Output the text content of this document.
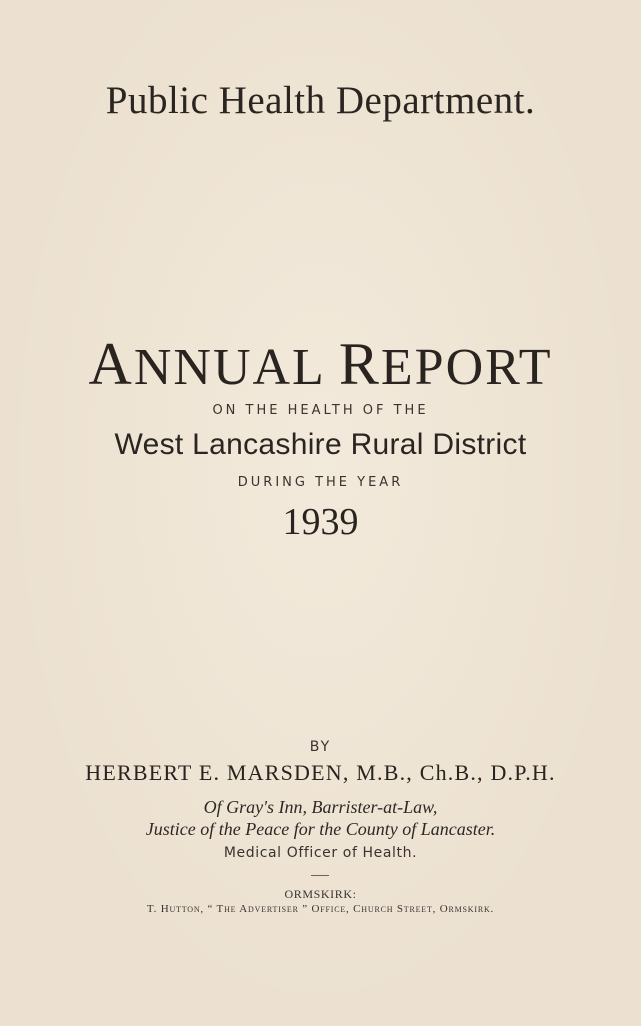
Public Health Department.
ANNUAL REPORT
ON THE HEALTH OF THE
West Lancashire Rural District
DURING THE YEAR
1939
BY
HERBERT E. MARSDEN, M.B., Ch.B., D.P.H.
Of Gray's Inn, Barrister-at-Law,
Justice of the Peace for the County of Lancaster.
Medical Officer of Health.
ORMSKIRK:
T. Hutton, “ The Advertiser ” Office, Church Street, Ormskirk.
